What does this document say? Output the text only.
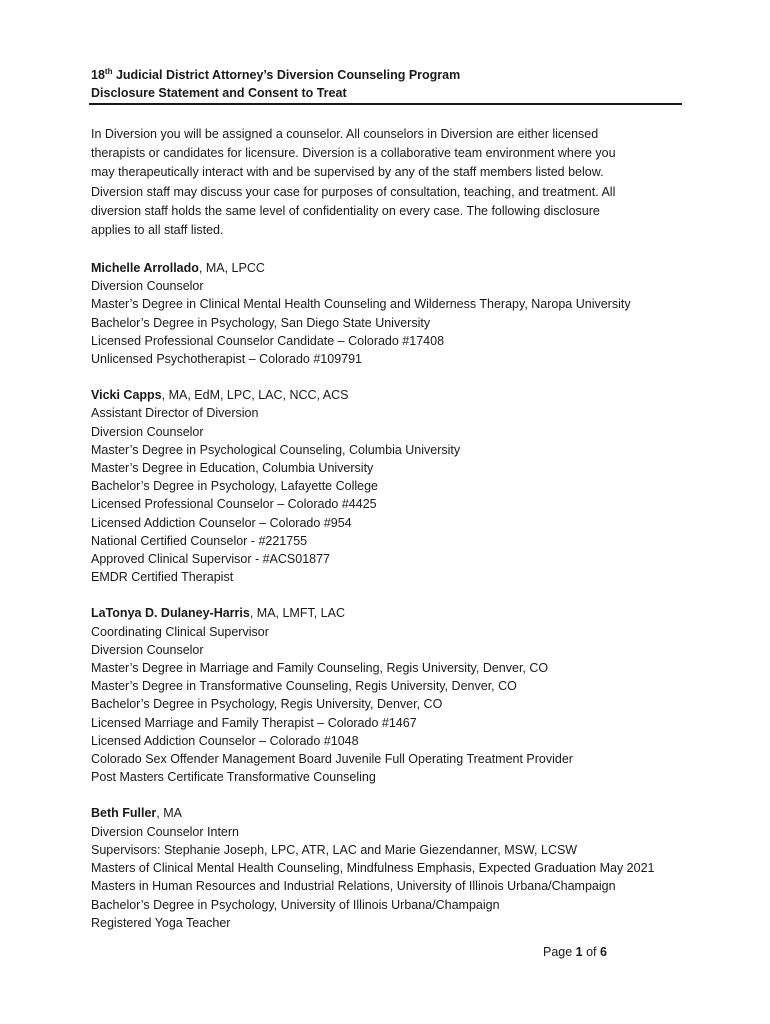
18th Judicial District Attorney’s Diversion Counseling Program
Disclosure Statement and Consent to Treat
In Diversion you will be assigned a counselor. All counselors in Diversion are either licensed
therapists or candidates for licensure. Diversion is a collaborative team environment where you
may therapeutically interact with and be supervised by any of the staff members listed below.
Diversion staff may discuss your case for purposes of consultation, teaching, and treatment. All
diversion staff holds the same level of confidentiality on every case. The following disclosure
applies to all staff listed.
Michelle Arrollado, MA, LPCC
Diversion Counselor
Master’s Degree in Clinical Mental Health Counseling and Wilderness Therapy, Naropa University
Bachelor’s Degree in Psychology, San Diego State University
Licensed Professional Counselor Candidate – Colorado #17408
Unlicensed Psychotherapist – Colorado #109791
Vicki Capps, MA, EdM, LPC, LAC, NCC, ACS
Assistant Director of Diversion
Diversion Counselor
Master’s Degree in Psychological Counseling, Columbia University
Master’s Degree in Education, Columbia University
Bachelor’s Degree in Psychology, Lafayette College
Licensed Professional Counselor – Colorado #4425
Licensed Addiction Counselor – Colorado #954
National Certified Counselor - #221755
Approved Clinical Supervisor - #ACS01877
EMDR Certified Therapist
LaTonya D. Dulaney-Harris, MA, LMFT, LAC
Coordinating Clinical Supervisor
Diversion Counselor
Master’s Degree in Marriage and Family Counseling, Regis University, Denver, CO
Master’s Degree in Transformative Counseling, Regis University, Denver, CO
Bachelor’s Degree in Psychology, Regis University, Denver, CO
Licensed Marriage and Family Therapist – Colorado #1467
Licensed Addiction Counselor – Colorado #1048
Colorado Sex Offender Management Board Juvenile Full Operating Treatment Provider
Post Masters Certificate Transformative Counseling
Beth Fuller, MA
Diversion Counselor Intern
Supervisors: Stephanie Joseph, LPC, ATR, LAC and Marie Giezendanner, MSW, LCSW
Masters of Clinical Mental Health Counseling, Mindfulness Emphasis, Expected Graduation May 2021
Masters in Human Resources and Industrial Relations, University of Illinois Urbana/Champaign
Bachelor’s Degree in Psychology, University of Illinois Urbana/Champaign
Registered Yoga Teacher
Page 1 of 6
